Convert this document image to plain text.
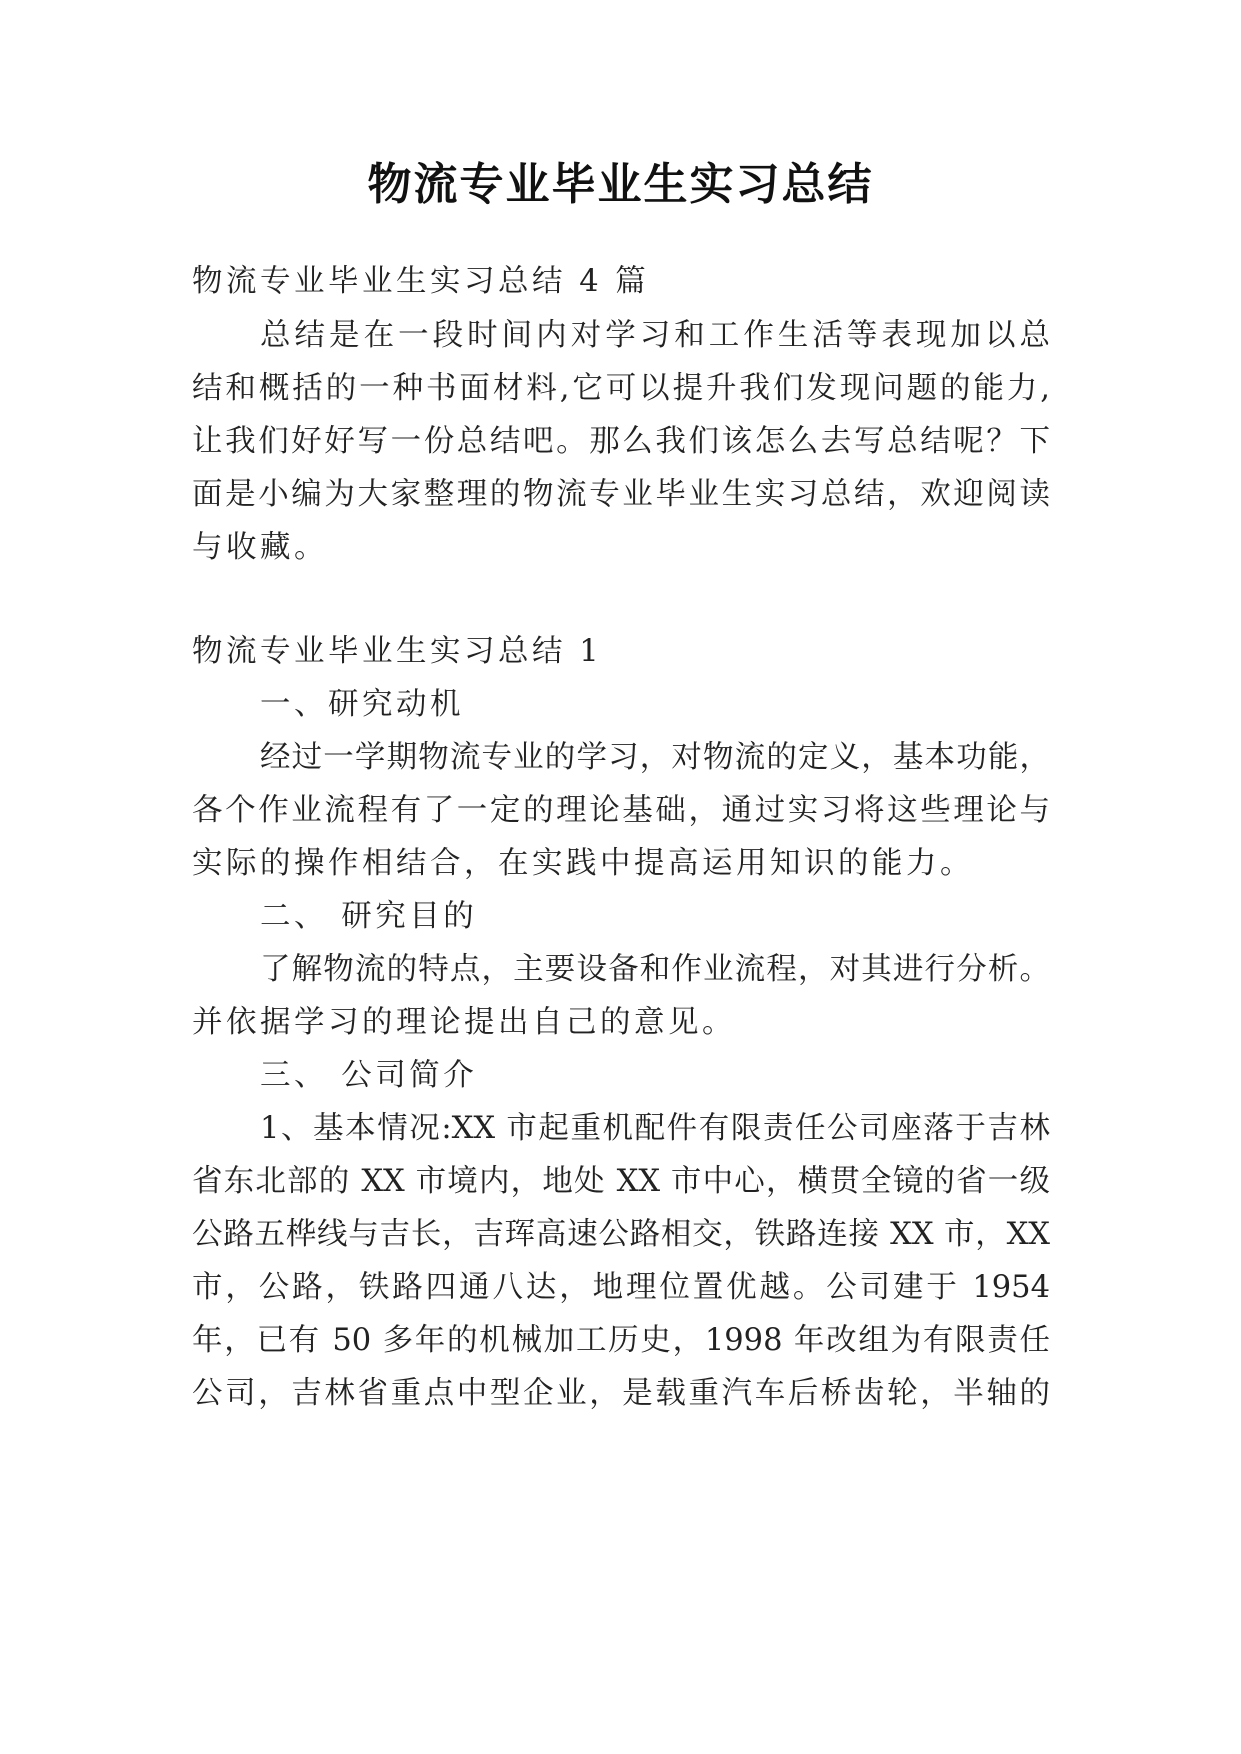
物流专业毕业生实习总结

物流专业毕业生实习总结 4 篇

总结是在一段时间内对学习和工作生活等表现加以总

结和概括的一种书面材料,它可以提升我们发现问题的能力,

让我们好好写一份总结吧。那么我们该怎么去写总结呢？下

面是小编为大家整理的物流专业毕业生实习总结，欢迎阅读

与收藏。

物流专业毕业生实习总结 1

一、研究动机

经过一学期物流专业的学习，对物流的定义，基本功能，

各个作业流程有了一定的理论基础，通过实习将这些理论与

实际的操作相结合，在实践中提高运用知识的能力。

二、 研究目的

了解物流的特点，主要设备和作业流程，对其进行分析。

并依据学习的理论提出自己的意见。

三、 公司简介

1、基本情况:XX 市起重机配件有限责任公司座落于吉林

省东北部的 XX 市境内，地处 XX 市中心，横贯全镜的省一级

公路五桦线与吉长，吉珲高速公路相交，铁路连接 XX 市，XX

市，公路，铁路四通八达，地理位置优越。公司建于 1954

年，已有 50 多年的机械加工历史，1998 年改组为有限责任

公司，吉林省重点中型企业，是载重汽车后桥齿轮，半轴的
